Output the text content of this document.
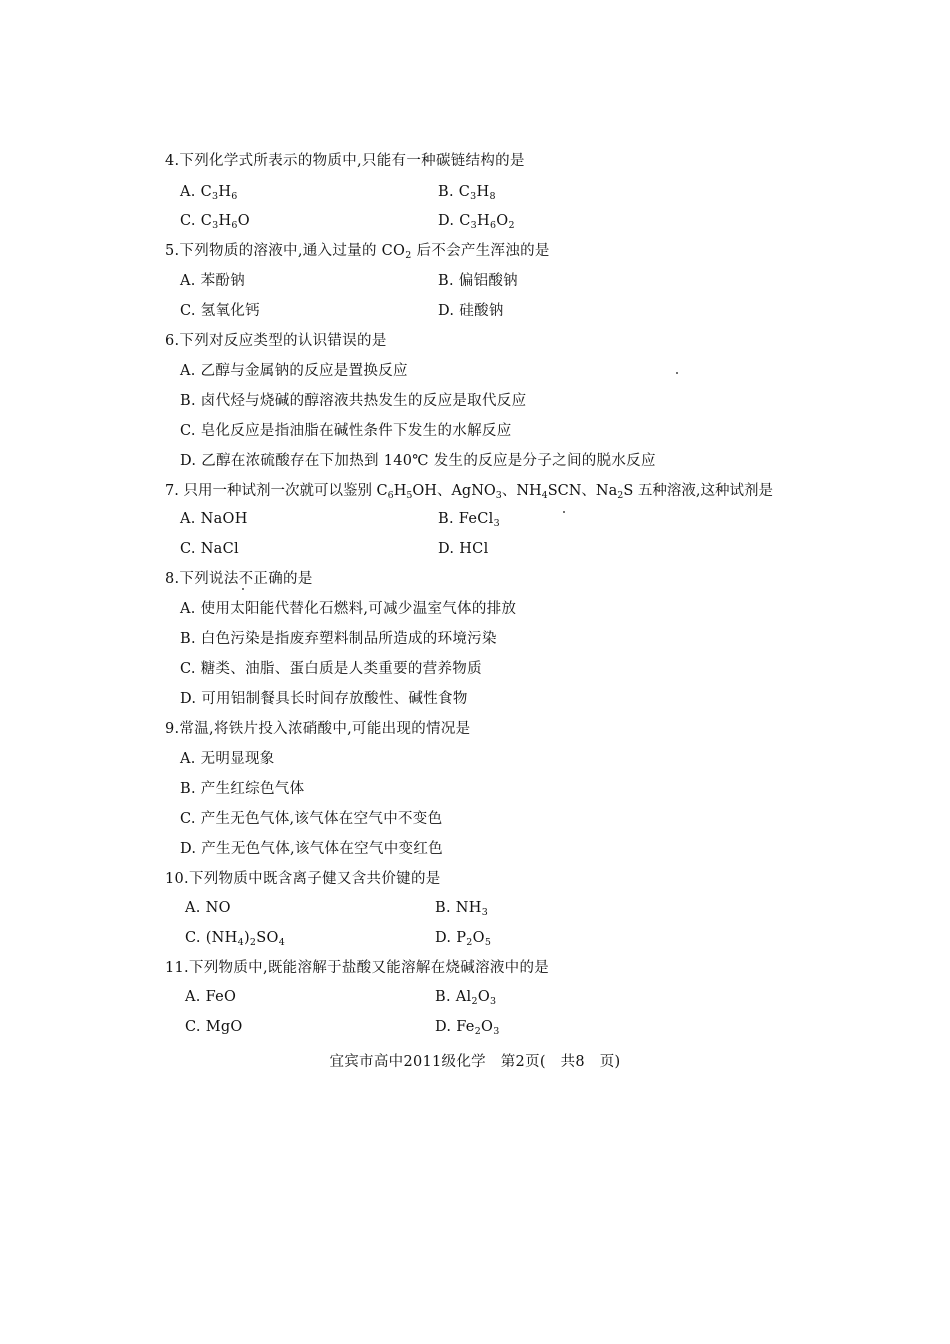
4.下列化学式所表示的物质中,只能有一种碳链结构的是
A. $C_3H_6$	B. $C_3H_8$
C. $C_3H_6O$	D. $C_3H_6O_2$
5.下列物质的溶液中,通入过量的 $CO_2$ 后不会产生浑浊的是
A. 苯酚钠	B. 偏铝酸钠
C. 氢氧化钙	D. 硅酸钠
6.下列对反应类型的认识错误的是
A. 乙醇与金属钠的反应是置换反应
B. 卤代烃与烧碱的醇溶液共热发生的反应是取代反应
C. 皂化反应是指油脂在碱性条件下发生的水解反应
D. 乙醇在浓硫酸存在下加热到 140℃ 发生的反应是分子之间的脱水反应
7. 只用一种试剂一次就可以鉴别 $C_6H_5OH$、AgNO$_3$、$NH_4SCN$、$Na_2S$ 五种溶液,这种试剂是
A. NaOH	B. FeCl$_3$
C. NaCl	D. HCl
8.下列说法不正确的是
A. 使用太阳能代替化石燃料,可减少温室气体的排放
B. 白色污染是指废弃塑料制品所造成的环境污染
C. 糖类、油脂、蛋白质是人类重要的营养物质
D. 可用铝制餐具长时间存放酸性、碱性食物
9.常温,将铁片投入浓硝酸中,可能出现的情况是
A. 无明显现象
B. 产生红综色气体
C. 产生无色气体,该气体在空气中不变色
D. 产生无色气体,该气体在空气中变红色
10.下列物质中既含离子健又含共价键的是
A. NO	B. $NH_3$
C. $(NH_4)_2SO_4$	D. $P_2O_5$
11.下列物质中,既能溶解于盐酸又能溶解在烧碱溶液中的是
A. FeO	B. $Al_2O_3$
C. MgO	D. $Fe_2O_3$
宜宾市高中2011级化学　第2页(　共8　页)
